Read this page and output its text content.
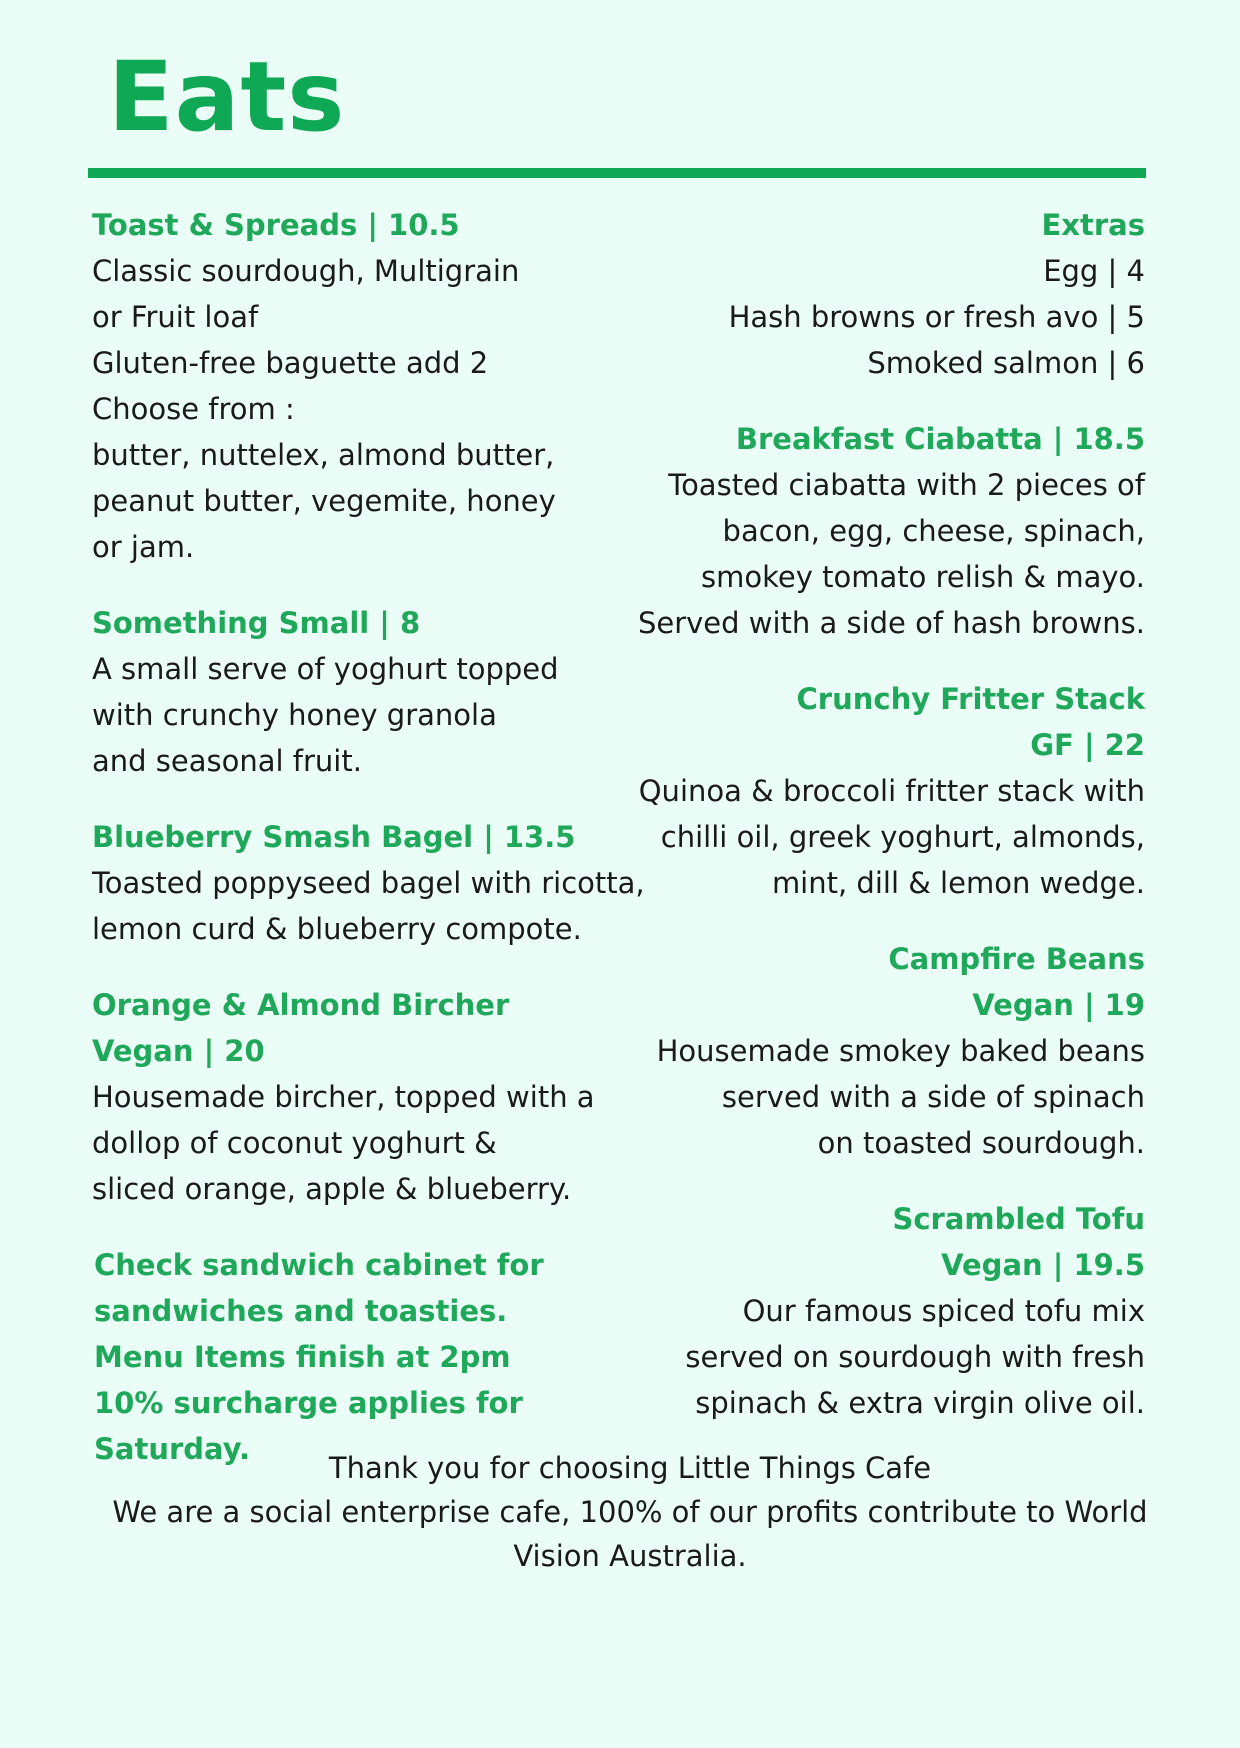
Eats
Toast & Spreads | 10.5
Classic sourdough, Multigrain
or Fruit loaf
Gluten-free baguette add 2
Choose from :
butter, nuttelex, almond butter,
peanut butter, vegemite, honey
or jam.
Something Small | 8
A small serve of yoghurt topped
with crunchy honey granola
and seasonal fruit.
Blueberry Smash Bagel | 13.5
Toasted poppyseed bagel with ricotta,
lemon curd & blueberry compote.
Orange & Almond Bircher
Vegan | 20
Housemade bircher, topped with a
dollop of coconut yoghurt &
sliced orange, apple & blueberry.
Check sandwich cabinet for
sandwiches and toasties.
Menu Items finish at 2pm
10% surcharge applies for Saturday.
Extras
Egg | 4
Hash browns or fresh avo | 5
Smoked salmon | 6
Breakfast Ciabatta | 18.5
Toasted ciabatta with 2 pieces of
bacon, egg, cheese, spinach,
smokey tomato relish & mayo.
Served with a side of hash browns.
Crunchy Fritter Stack
GF | 22
Quinoa & broccoli fritter stack with
chilli oil, greek yoghurt, almonds,
mint, dill & lemon wedge.
Campfire Beans
Vegan | 19
Housemade smokey baked beans
served with a side of spinach
on toasted sourdough.
Scrambled Tofu
Vegan | 19.5
Our famous spiced tofu mix
served on sourdough with fresh
spinach & extra virgin olive oil.
Thank you for choosing Little Things Cafe
We are a social enterprise cafe, 100% of our profits contribute to World
Vision Australia.
